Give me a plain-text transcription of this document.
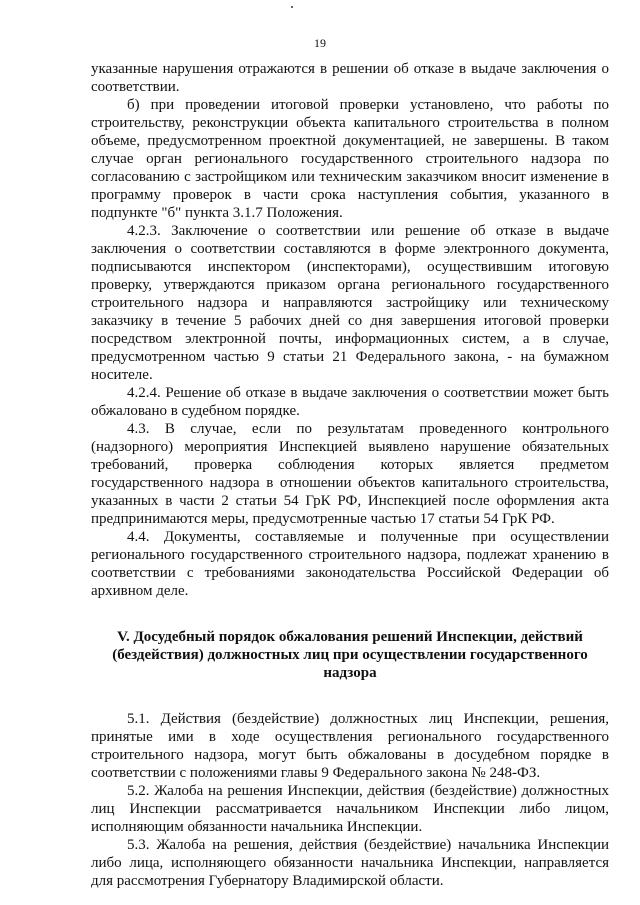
19

указанные нарушения отражаются в решении об отказе в выдаче заключения о соответствии.

б) при проведении итоговой проверки установлено, что работы по строительству, реконструкции объекта капитального строительства в полном объеме, предусмотренном проектной документацией, не завершены. В таком случае орган регионального государственного строительного надзора по согласованию с застройщиком или техническим заказчиком вносит изменение в программу проверок в части срока наступления события, указанного в подпункте "б" пункта 3.1.7 Положения.

4.2.3. Заключение о соответствии или решение об отказе в выдаче заключения о соответствии составляются в форме электронного документа, подписываются инспектором (инспекторами), осуществившим итоговую проверку, утверждаются приказом органа регионального государственного строительного надзора и направляются застройщику или техническому заказчику в течение 5 рабочих дней со дня завершения итоговой проверки посредством электронной почты, информационных систем, а в случае, предусмотренном частью 9 статьи 21 Федерального закона, - на бумажном носителе.

4.2.4. Решение об отказе в выдаче заключения о соответствии может быть обжаловано в судебном порядке.

4.3. В случае, если по результатам проведенного контрольного (надзорного) мероприятия Инспекцией выявлено нарушение обязательных требований, проверка соблюдения которых является предметом государственного надзора в отношении объектов капитального строительства, указанных в части 2 статьи 54 ГрК РФ, Инспекцией после оформления акта предпринимаются меры, предусмотренные частью 17 статьи 54 ГрК РФ.

4.4. Документы, составляемые и полученные при осуществлении регионального государственного строительного надзора, подлежат хранению в соответствии с требованиями законодательства Российской Федерации об архивном деле.

V. Досудебный порядок обжалования решений Инспекции, действий (бездействия) должностных лиц при осуществлении государственного надзора

5.1. Действия (бездействие) должностных лиц Инспекции, решения, принятые ими в ходе осуществления регионального государственного строительного надзора, могут быть обжалованы в досудебном порядке в соответствии с положениями главы 9 Федерального закона № 248-ФЗ.

5.2. Жалоба на решения Инспекции, действия (бездействие) должностных лиц Инспекции рассматривается начальником Инспекции либо лицом, исполняющим обязанности начальника Инспекции.

5.3. Жалоба на решения, действия (бездействие) начальника Инспекции либо лица, исполняющего обязанности начальника Инспекции, направляется для рассмотрения Губернатору Владимирской области.
